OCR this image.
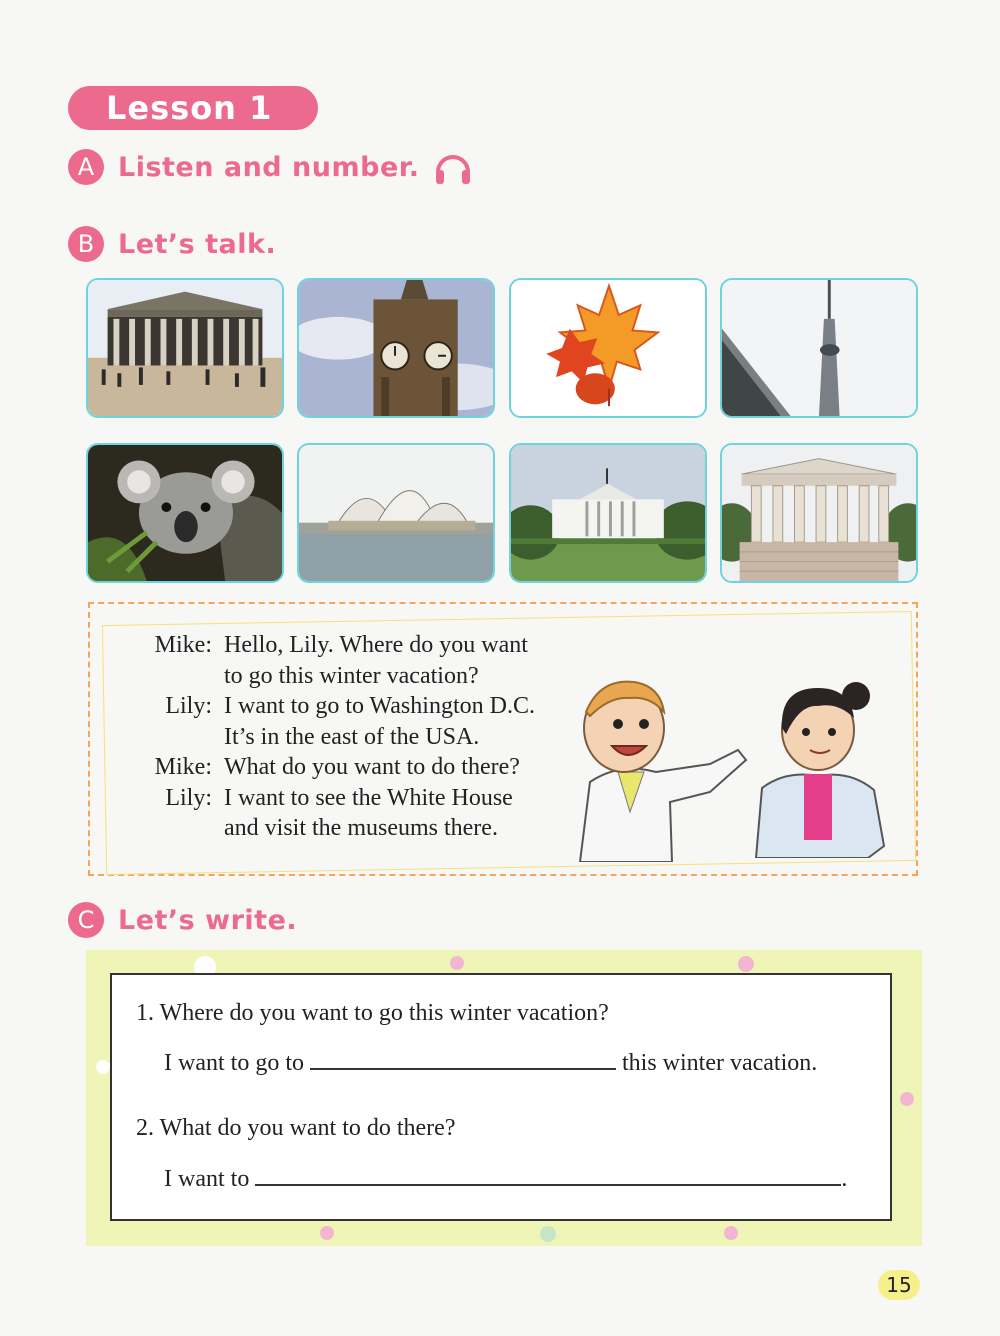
Lesson 1
A Listen and number.
B Let’s talk.
Mike: Hello, Lily. Where do you want
to go this winter vacation?
Lily: I want to go to Washington D.C.
It’s in the east of the USA.
Mike: What do you want to do there?
Lily: I want to see the White House
and visit the museums there.
C Let’s write.
1. Where do you want to go this winter vacation?
I want to go to	this winter vacation.
2. What do you want to do there?
I want to	.
15
